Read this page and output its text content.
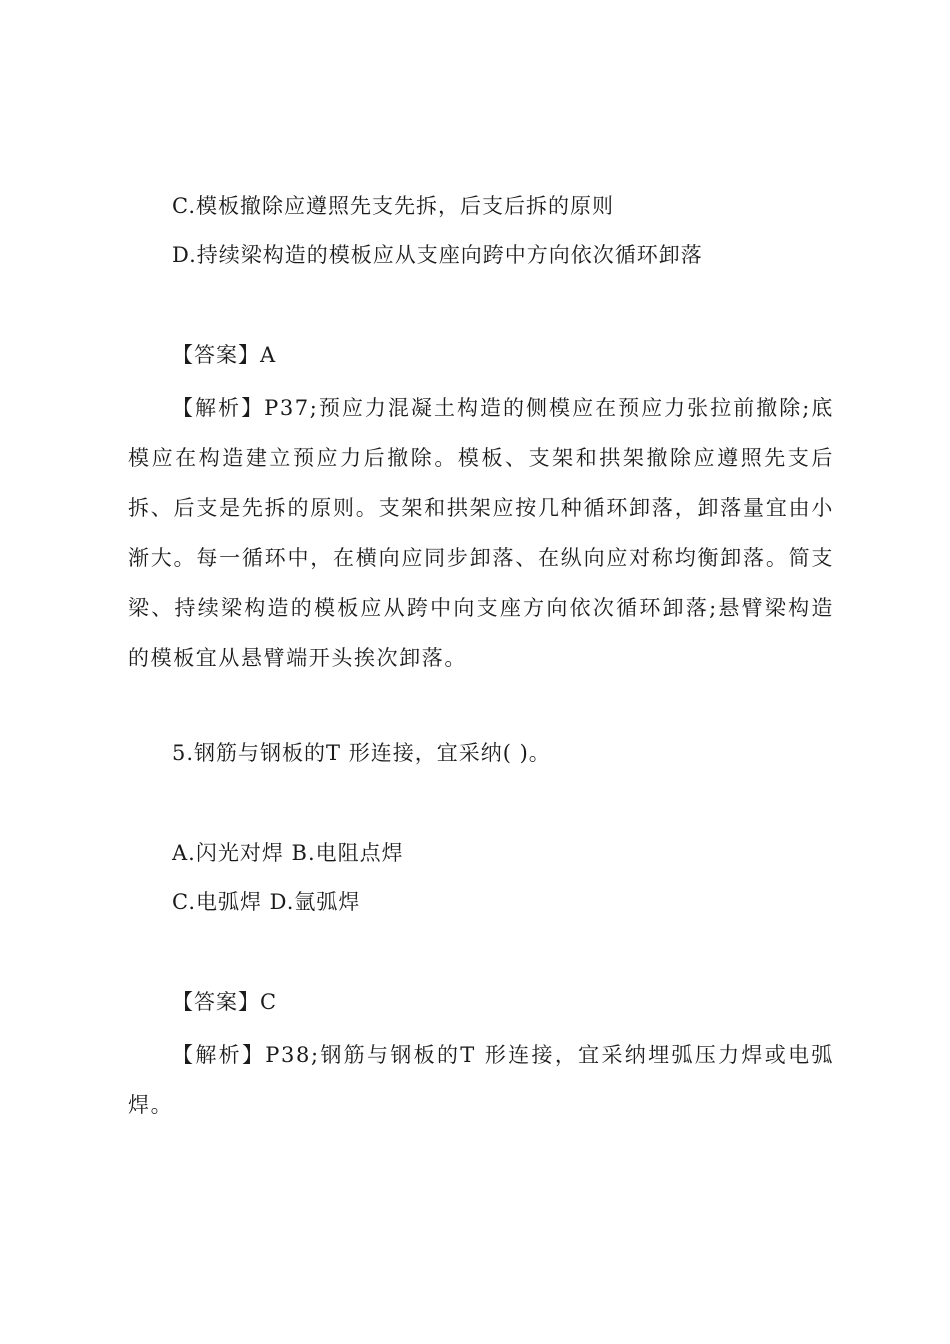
C.模板撤除应遵照先支先拆，后支后拆的原则
D.持续梁构造的模板应从支座向跨中方向依次循环卸落
【答案】A
【解析】P37;预应力混凝土构造的侧模应在预应力张拉前撤除;底模应在构造建立预应力后撤除。模板、支架和拱架撤除应遵照先支后拆、后支是先拆的原则。支架和拱架应按几种循环卸落，卸落量宜由小渐大。每一循环中，在横向应同步卸落、在纵向应对称均衡卸落。简支梁、持续梁构造的模板应从跨中向支座方向依次循环卸落;悬臂梁构造的模板宜从悬臂端开头挨次卸落。
5.钢筋与钢板的T 形连接，宜采纳( )。
A.闪光对焊 B.电阻点焊
C.电弧焊 D.氩弧焊
【答案】C
【解析】P38;钢筋与钢板的T 形连接，宜采纳埋弧压力焊或电弧焊。
